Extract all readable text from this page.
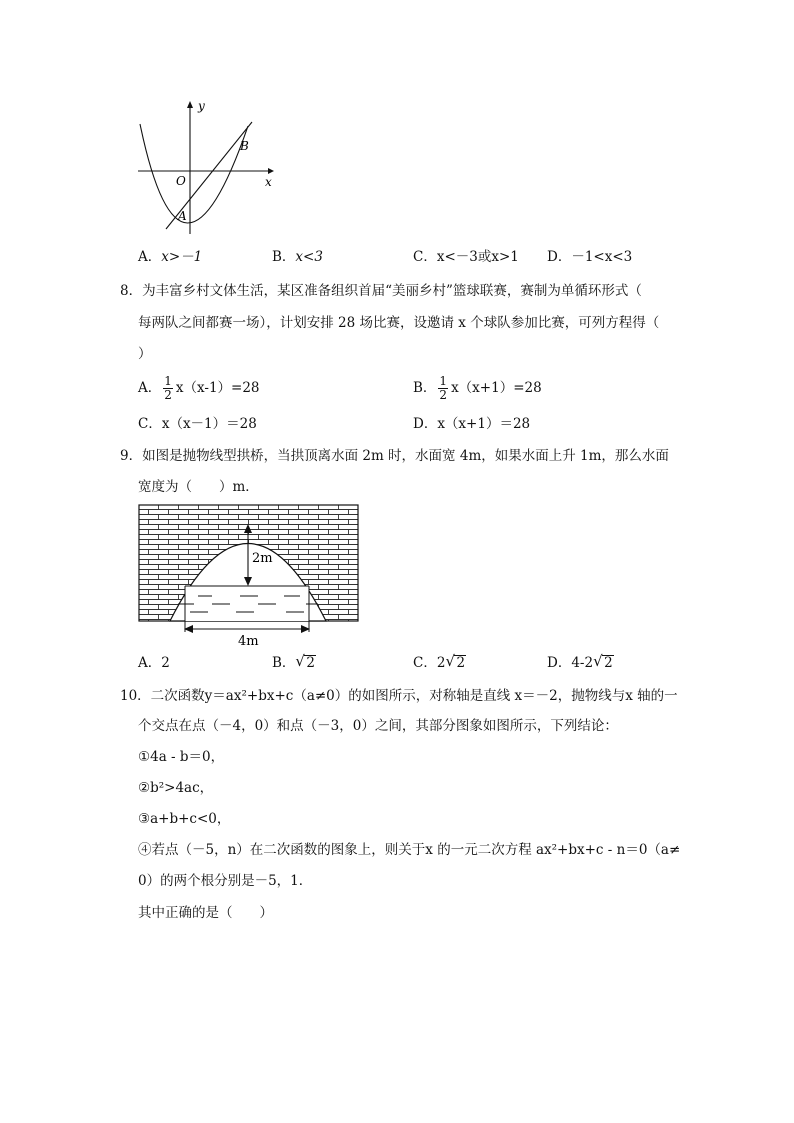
y
x
O
A
B
A．x>－1	B．x<3	C．x<－3或x>1 D．－1<x<3
8．为丰富乡村文体生活，某区准备组织首届“美丽乡村”篮球联赛，赛制为单循环形式（
每两队之间都赛一场），计划安排 28 场比赛，设邀请 x 个球队参加比赛，可列方程得（
）
A． $\frac{1}{2} x(x-1)=28$	B． $\frac{1}{2} x(x+1)=28$
C．x（x－1）＝28	D．x（x+1）＝28
9．如图是抛物线型拱桥，当拱顶离水面 2m 时，水面宽 4m，如果水面上升 1m，那么水面
宽度为（　　）m．
2m
4m
A．2	B． √ 2	C．2 √ 2	D．4-2 √ 2
10．二次函数y＝ax²+bx+c（a≠0）的如图所示，对称轴是直线 x＝－2，抛物线与x 轴的一
个交点在点（－4，0）和点（－3，0）之间，其部分图象如图所示，下列结论：
①4a - b＝0，
②b²>4ac，
③a+b+c<0，
④若点（－5，n）在二次函数的图象上，则关于x 的一元二次方程 ax²+bx+c - n＝0（a≠
0）的两个根分别是－5，1．
其中正确的是（　　）
